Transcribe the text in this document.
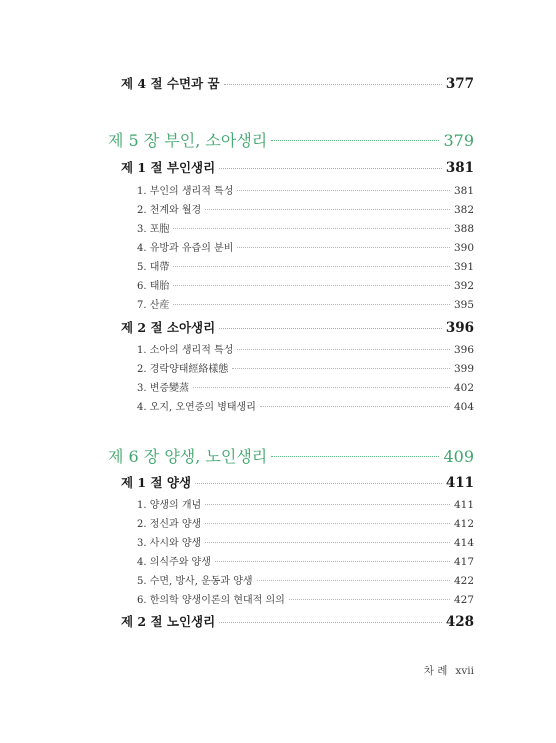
제 4 절 수면과 꿈	377
제 5 장 부인, 소아생리	379
제 1 절 부인생리	381
1. 부인의 생리적 특성	381
2. 천계와 월경	382
3. 포胞	388
4. 유방과 유즙의 분비	390
5. 대帶	391
6. 태胎	392
7. 산産	395
제 2 절 소아생리	396
1. 소아의 생리적 특성	396
2. 경락양태經絡樣態	399
3. 변증變蒸	402
4. 오지, 오연증의 병태생리	404
제 6 장 양생, 노인생리	409
제 1 절 양생	411
1. 양생의 개념	411
2. 정신과 양생	412
3. 사시와 양생	414
4. 의식주와 양생	417
5. 수면, 방사, 운동과 양생	422
6. 한의학 양생이론의 현대적 의의	427
제 2 절 노인생리	428
차 례 xvii
